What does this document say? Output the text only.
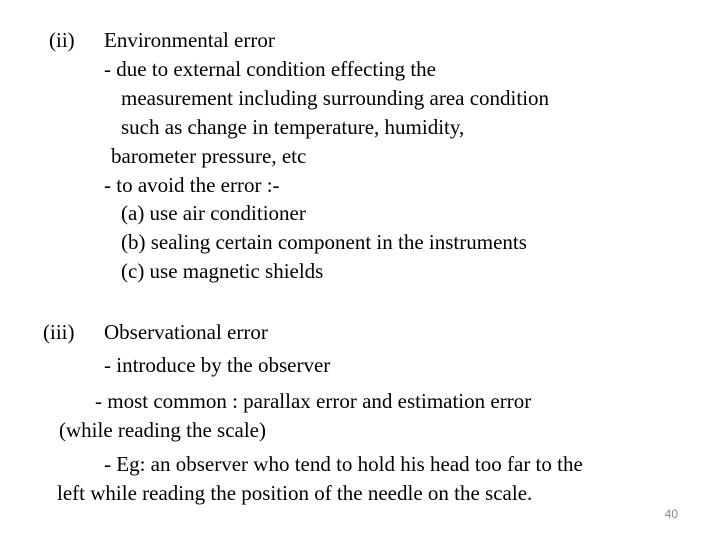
(ii) Environmental error
- due to external condition effecting the
measurement including surrounding area condition
such as change in temperature, humidity,
barometer pressure, etc
- to avoid the error :-
(a) use air conditioner
(b) sealing certain component in the instruments
(c) use magnetic shields
(iii) Observational error
- introduce by the observer
- most common : parallax error and estimation error
(while reading the scale)
- Eg: an observer who tend to hold his head too far to the
left while reading the position of the needle on the scale.
40
